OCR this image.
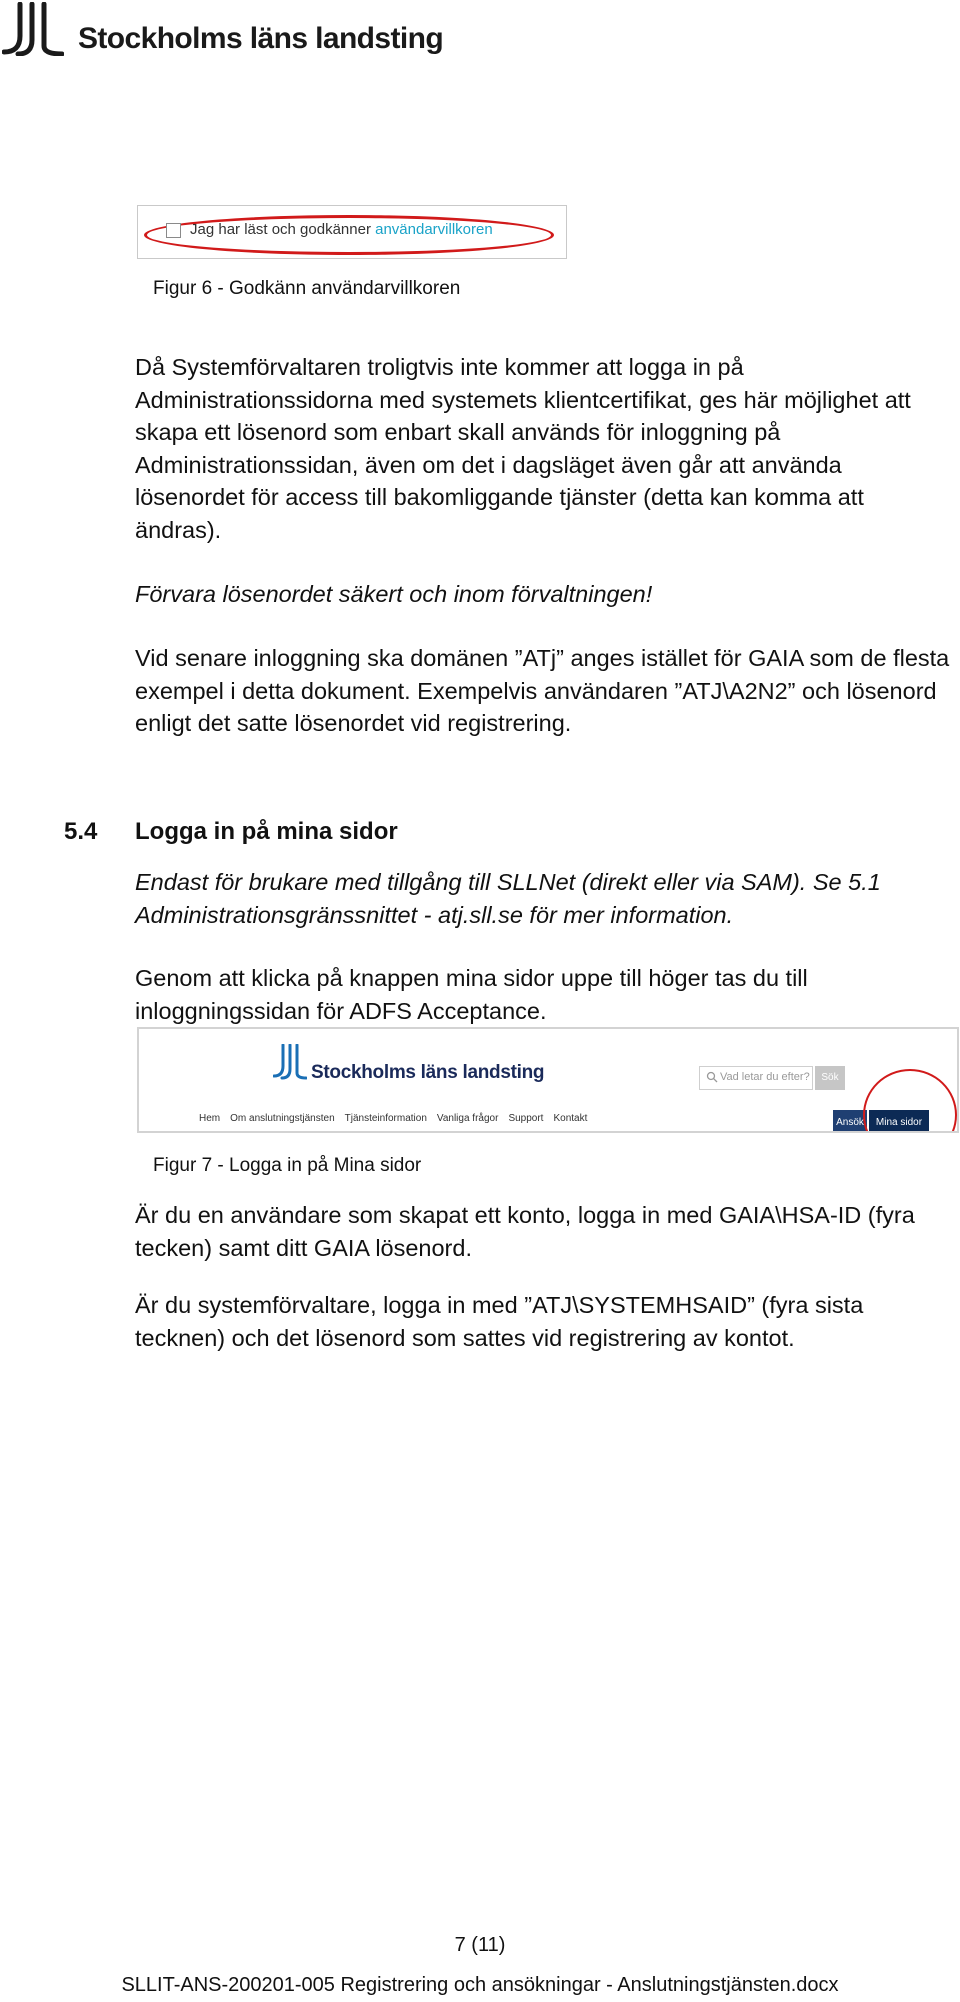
Stockholms läns landsting
Jag har läst och godkänner användarvillkoren
Figur 6 - Godkänn användarvillkoren
Då Systemförvaltaren troligtvis inte kommer att logga in på Administrationssidorna med systemets klientcertifikat, ges här möjlighet att skapa ett lösenord som enbart skall används för inloggning på Administrationssidan, även om det i dagsläget även går att använda lösenordet för access till bakomliggande tjänster (detta kan komma att ändras).
Förvara lösenordet säkert och inom förvaltningen!
Vid senare inloggning ska domänen ”ATj” anges istället för GAIA som de flesta exempel i detta dokument. Exempelvis användaren ”ATJ\A2N2” och lösenord enligt det satte lösenordet vid registrering.
5.4 Logga in på mina sidor
Endast för brukare med tillgång till SLLNet (direkt eller via SAM). Se 5.1 Administrationsgränssnittet - atj.sll.se för mer information.
Genom att klicka på knappen mina sidor uppe till höger tas du till inloggningssidan för ADFS Acceptance.
Stockholms läns landsting	Vad letar du efter?	Sök
Hem Om anslutningstjänsten Tjänsteinformation Vanliga frågor Support Kontakt	Ansök	Mina sidor
Figur 7 - Logga in på Mina sidor
Är du en användare som skapat ett konto, logga in med GAIA\HSA-ID (fyra tecken) samt ditt GAIA lösenord.
Är du systemförvaltare, logga in med ”ATJ\SYSTEMHSAID” (fyra sista tecknen) och det lösenord som sattes vid registrering av kontot.
7 (11)
SLLIT-ANS-200201-005 Registrering och ansökningar - Anslutningstjänsten.docx
